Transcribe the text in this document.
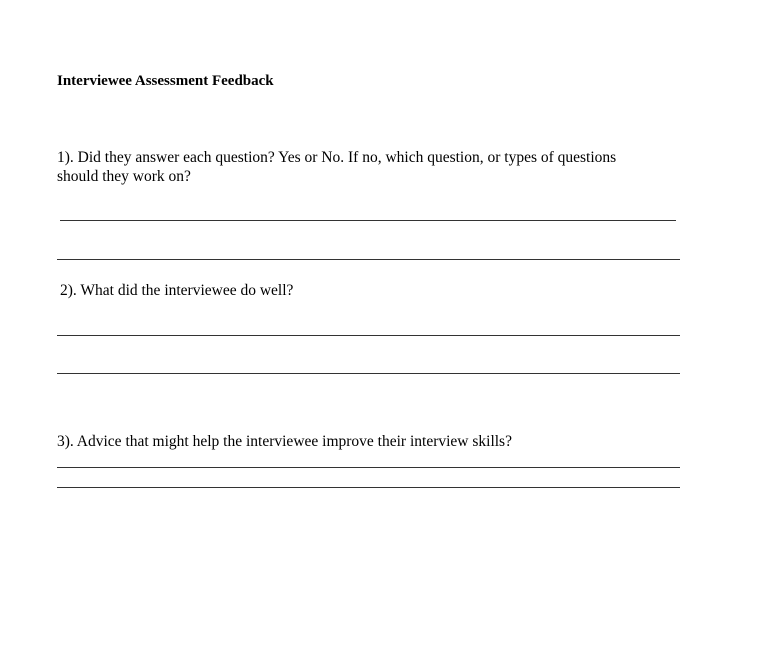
Interviewee Assessment Feedback
1). Did they answer each question? Yes or No. If no, which question, or types of questions
should they work on?
2). What did the interviewee do well?
3). Advice that might help the interviewee improve their interview skills?
